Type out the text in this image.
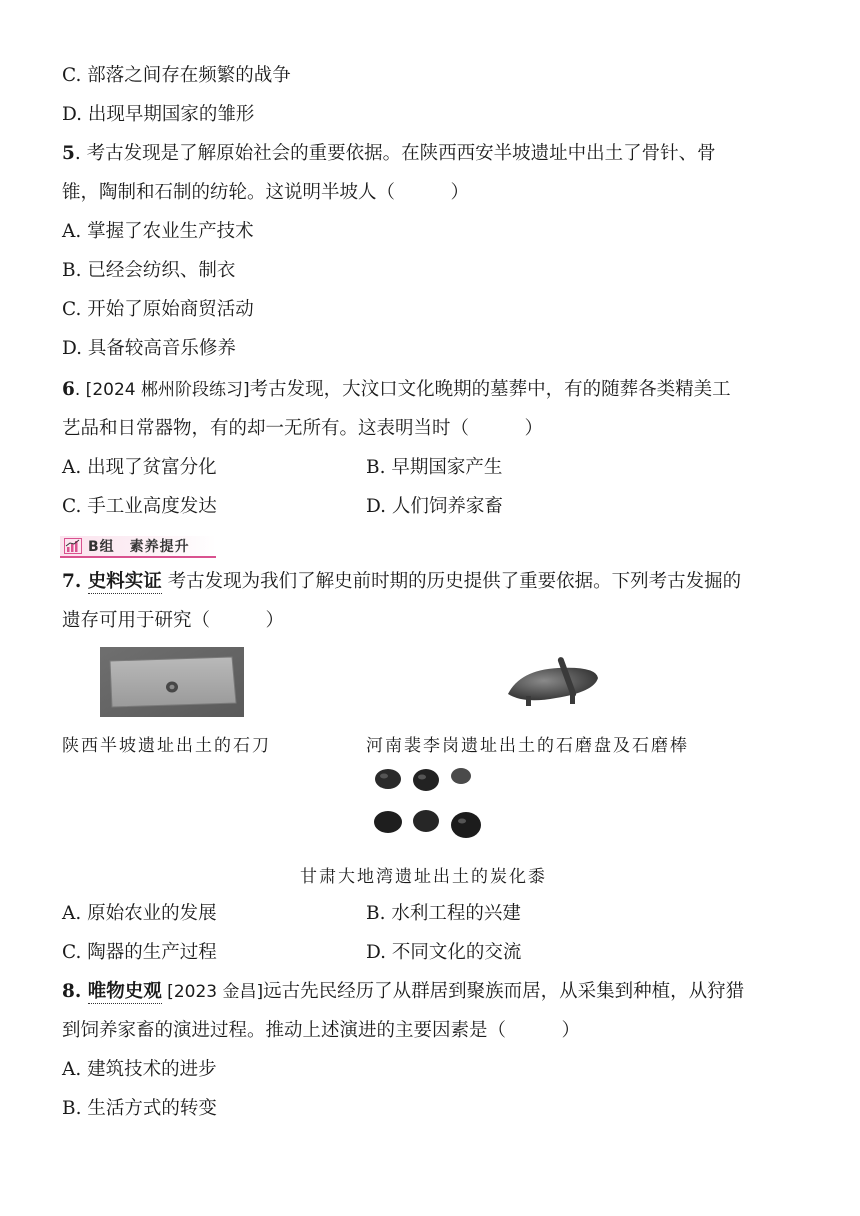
C. 部落之间存在频繁的战争
D. 出现早期国家的雏形
5. 考古发现是了解原始社会的重要依据。在陕西西安半坡遗址中出土了骨针、骨
锥，陶制和石制的纺轮。这说明半坡人（　　　）
A. 掌握了农业生产技术
B. 已经会纺织、制衣
C. 开始了原始商贸活动
D. 具备较高音乐修养
6. [2024 郴州阶段练习]考古发现，大汶口文化晚期的墓葬中，有的随葬各类精美工
艺品和日常器物，有的却一无所有。这表明当时（　　　）
A. 出现了贫富分化	B. 早期国家产生
C. 手工业高度发达	D. 人们饲养家畜
B组　素养提升
7. 史料实证 考古发现为我们了解史前时期的历史提供了重要依据。下列考古发掘的
遗存可用于研究（　　　）
陕西半坡遗址出土的石刀	河南裴李岗遗址出土的石磨盘及石磨棒
甘肃大地湾遗址出土的炭化黍
A. 原始农业的发展	B. 水利工程的兴建
C. 陶器的生产过程	D. 不同文化的交流
8. 唯物史观 [2023 金昌]远古先民经历了从群居到聚族而居，从采集到种植，从狩猎
到饲养家畜的演进过程。推动上述演进的主要因素是（　　　）
A. 建筑技术的进步
B. 生活方式的转变
